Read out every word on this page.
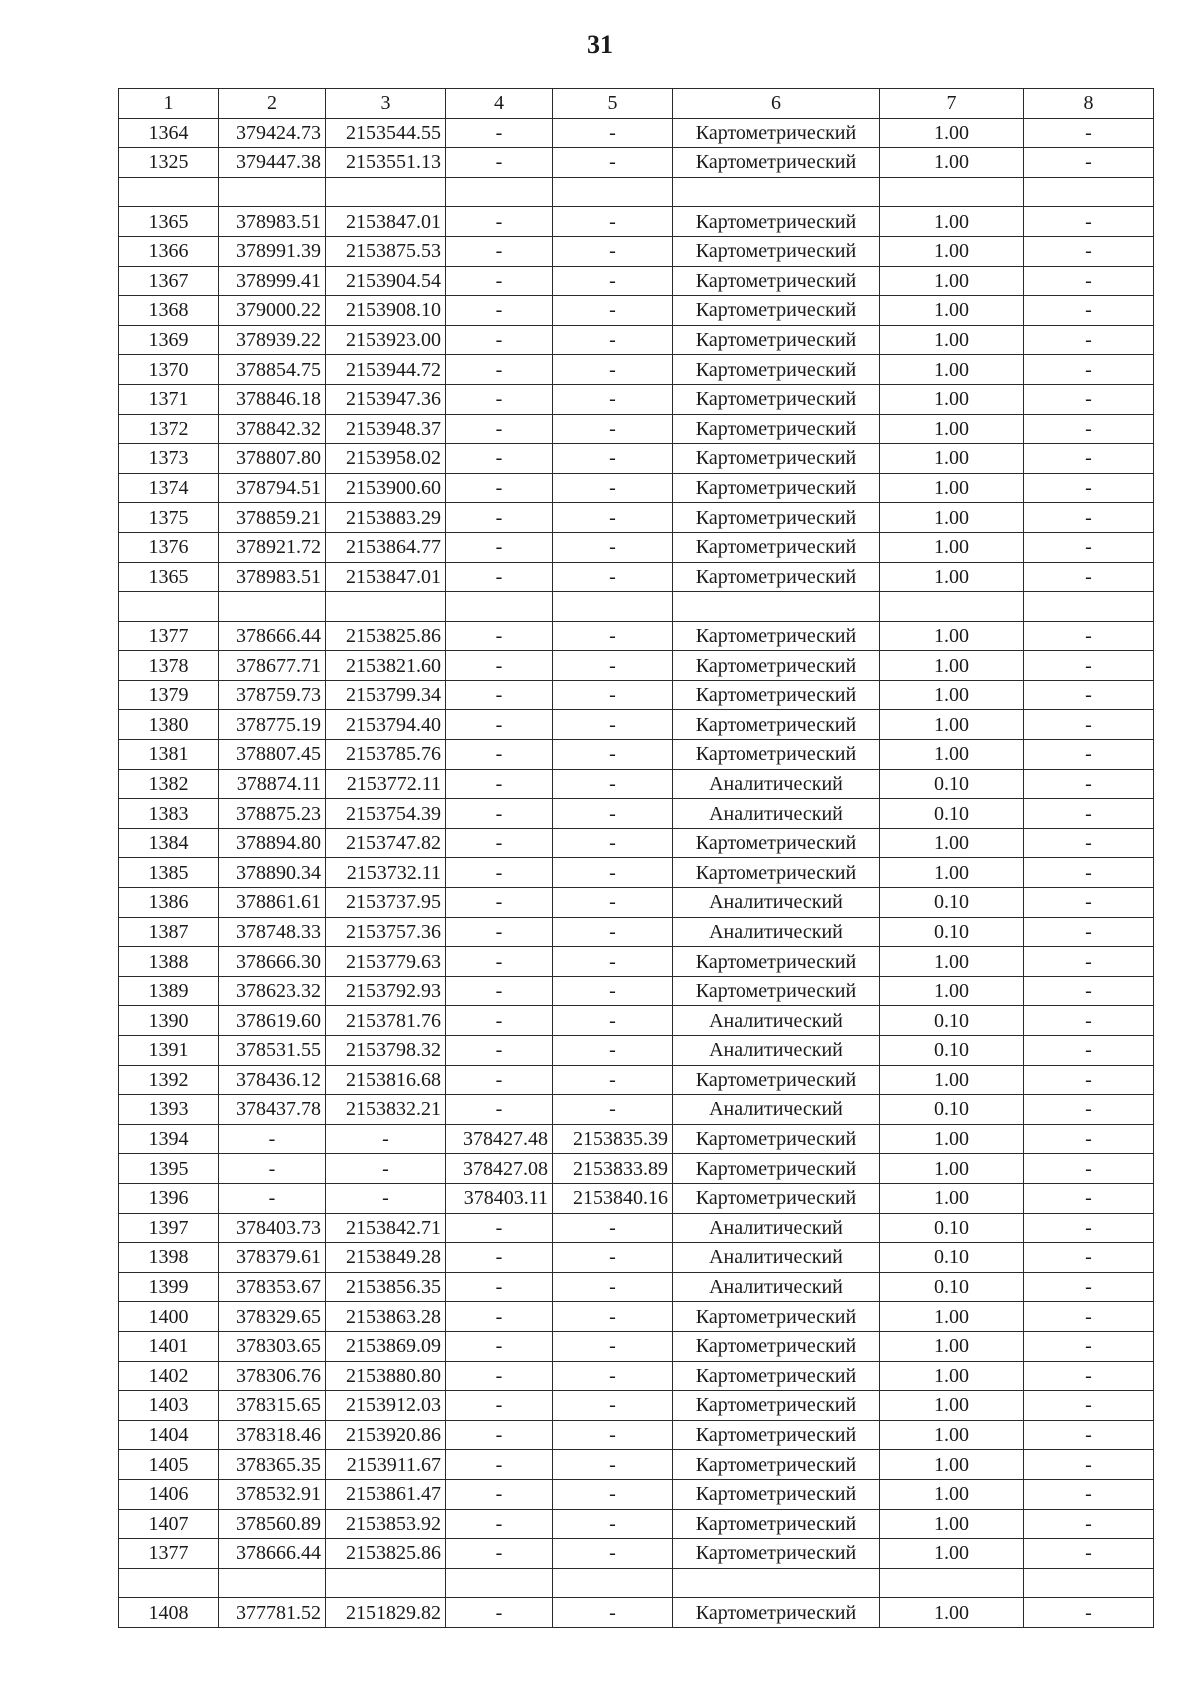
31
1	2	3	4	5	6	7	8
1364	379424.73	2153544.55	-	-	Картометрический	1.00	-
1325	379447.38	2153551.13	-	-	Картометрический	1.00	-

1365	378983.51	2153847.01	-	-	Картометрический	1.00	-
1366	378991.39	2153875.53	-	-	Картометрический	1.00	-
1367	378999.41	2153904.54	-	-	Картометрический	1.00	-
1368	379000.22	2153908.10	-	-	Картометрический	1.00	-
1369	378939.22	2153923.00	-	-	Картометрический	1.00	-
1370	378854.75	2153944.72	-	-	Картометрический	1.00	-
1371	378846.18	2153947.36	-	-	Картометрический	1.00	-
1372	378842.32	2153948.37	-	-	Картометрический	1.00	-
1373	378807.80	2153958.02	-	-	Картометрический	1.00	-
1374	378794.51	2153900.60	-	-	Картометрический	1.00	-
1375	378859.21	2153883.29	-	-	Картометрический	1.00	-
1376	378921.72	2153864.77	-	-	Картометрический	1.00	-
1365	378983.51	2153847.01	-	-	Картометрический	1.00	-

1377	378666.44	2153825.86	-	-	Картометрический	1.00	-
1378	378677.71	2153821.60	-	-	Картометрический	1.00	-
1379	378759.73	2153799.34	-	-	Картометрический	1.00	-
1380	378775.19	2153794.40	-	-	Картометрический	1.00	-
1381	378807.45	2153785.76	-	-	Картометрический	1.00	-
1382	378874.11	2153772.11	-	-	Аналитический	0.10	-
1383	378875.23	2153754.39	-	-	Аналитический	0.10	-
1384	378894.80	2153747.82	-	-	Картометрический	1.00	-
1385	378890.34	2153732.11	-	-	Картометрический	1.00	-
1386	378861.61	2153737.95	-	-	Аналитический	0.10	-
1387	378748.33	2153757.36	-	-	Аналитический	0.10	-
1388	378666.30	2153779.63	-	-	Картометрический	1.00	-
1389	378623.32	2153792.93	-	-	Картометрический	1.00	-
1390	378619.60	2153781.76	-	-	Аналитический	0.10	-
1391	378531.55	2153798.32	-	-	Аналитический	0.10	-
1392	378436.12	2153816.68	-	-	Картометрический	1.00	-
1393	378437.78	2153832.21	-	-	Аналитический	0.10	-
1394	-	-	378427.48	2153835.39	Картометрический	1.00	-
1395	-	-	378427.08	2153833.89	Картометрический	1.00	-
1396	-	-	378403.11	2153840.16	Картометрический	1.00	-
1397	378403.73	2153842.71	-	-	Аналитический	0.10	-
1398	378379.61	2153849.28	-	-	Аналитический	0.10	-
1399	378353.67	2153856.35	-	-	Аналитический	0.10	-
1400	378329.65	2153863.28	-	-	Картометрический	1.00	-
1401	378303.65	2153869.09	-	-	Картометрический	1.00	-
1402	378306.76	2153880.80	-	-	Картометрический	1.00	-
1403	378315.65	2153912.03	-	-	Картометрический	1.00	-
1404	378318.46	2153920.86	-	-	Картометрический	1.00	-
1405	378365.35	2153911.67	-	-	Картометрический	1.00	-
1406	378532.91	2153861.47	-	-	Картометрический	1.00	-
1407	378560.89	2153853.92	-	-	Картометрический	1.00	-
1377	378666.44	2153825.86	-	-	Картометрический	1.00	-

1408	377781.52	2151829.82	-	-	Картометрический	1.00	-
